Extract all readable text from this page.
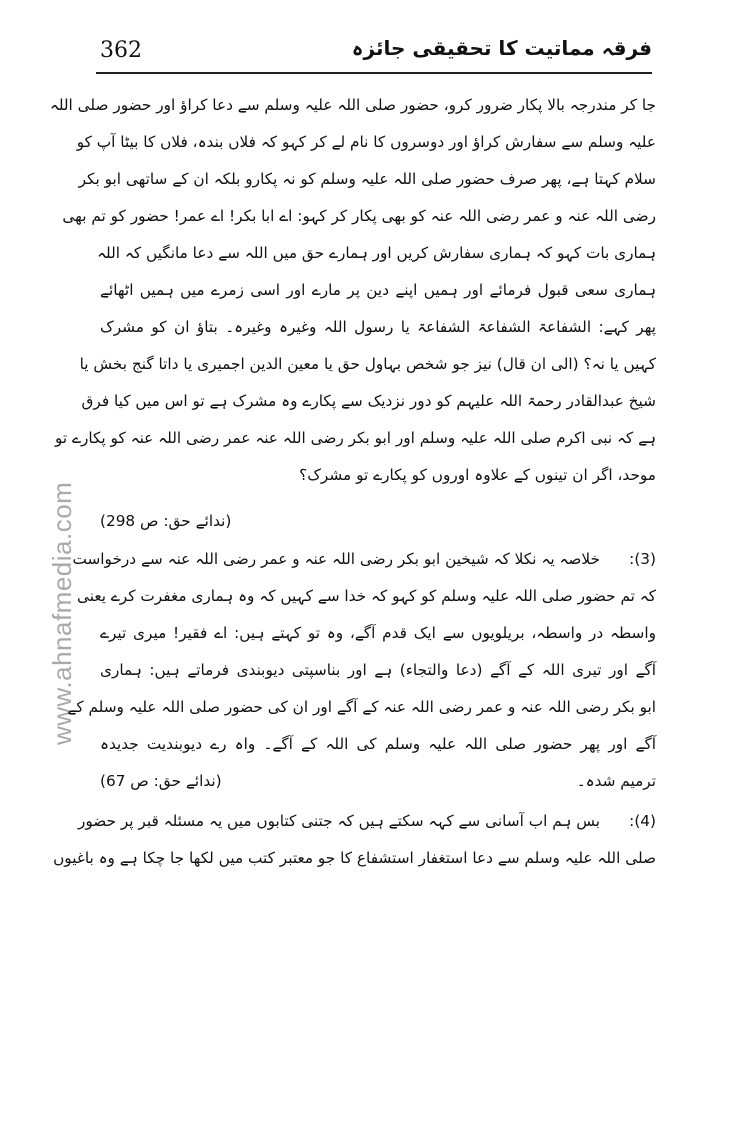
362	فرقہ مماتیت کا تحقیقی جائزہ
www.ahnafmedia.com
جا کر مندرجہ بالا پکار ضرور کرو، حضور صلی اللہ علیہ وسلم سے دعا کراؤ اور حضور صلی اللہ
علیہ وسلم سے سفارش کراؤ اور دوسروں کا نام لے کر کہو کہ فلاں بندہ، فلاں کا بیٹا آپ کو
سلام کہتا ہے، پھر صرف حضور صلی اللہ علیہ وسلم کو نہ پکارو بلکہ ان کے ساتھی ابو بکر
رضی اللہ عنہ و عمر رضی اللہ عنہ کو بھی پکار کر کہو: اے ابا بکر! اے عمر! حضور کو تم بھی
ہماری بات کہو کہ ہماری سفارش کریں اور ہمارے حق میں اللہ سے دعا مانگیں کہ اللہ
ہماری سعی قبول فرمائے اور ہمیں اپنے دین پر مارے اور اسی زمرے میں ہمیں اٹھائے
پھر کہے: الشفاعۃ الشفاعۃ الشفاعۃ یا رسول اللہ وغیرہ وغیرہ۔ بتاؤ ان کو مشرک
کہیں یا نہ؟ (الی ان قال) نیز جو شخص بہاول حق یا معین الدین اجمیری یا داتا گنج بخش یا
شیخ عبدالقادر رحمۃ اللہ علیہم کو دور نزدیک سے پکارے وہ مشرک ہے تو اس میں کیا فرق
ہے کہ نبی اکرم صلی اللہ علیہ وسلم اور ابو بکر رضی اللہ عنہ عمر رضی اللہ عنہ کو پکارے تو
موحد، اگر ان تینوں کے علاوہ اوروں کو پکارے تو مشرک؟
(ندائے حق: ص 298)
(3):      خلاصہ یہ نکلا کہ شیخین ابو بکر رضی اللہ عنہ و عمر رضی اللہ عنہ سے درخواست
کہ تم حضور صلی اللہ علیہ وسلم کو کہو کہ خدا سے کہیں کہ وہ ہماری مغفرت کرے یعنی
واسطہ در واسطہ، بریلویوں سے ایک قدم آگے، وہ تو کہتے ہیں: اے فقیر! میری تیرے
آگے اور تیری اللہ کے آگے (دعا والتجاء) ہے اور بناسپتی دیوبندی فرماتے ہیں: ہماری
ابو بکر رضی اللہ عنہ و عمر رضی اللہ عنہ کے آگے اور ان کی حضور صلی اللہ علیہ وسلم کے
آگے اور پھر حضور صلی اللہ علیہ وسلم کی اللہ کے آگے۔ واہ رے دیوبندیت جدیدہ
ترمیم شدہ۔
(ندائے حق: ص 67)
(4):      بس ہم اب آسانی سے کہہ سکتے ہیں کہ جتنی کتابوں میں یہ مسئلہ قبر پر حضور
صلی اللہ علیہ وسلم سے دعا استغفار استشفاع کا جو معتبر کتب میں لکھا جا چکا ہے وہ باغیوں
